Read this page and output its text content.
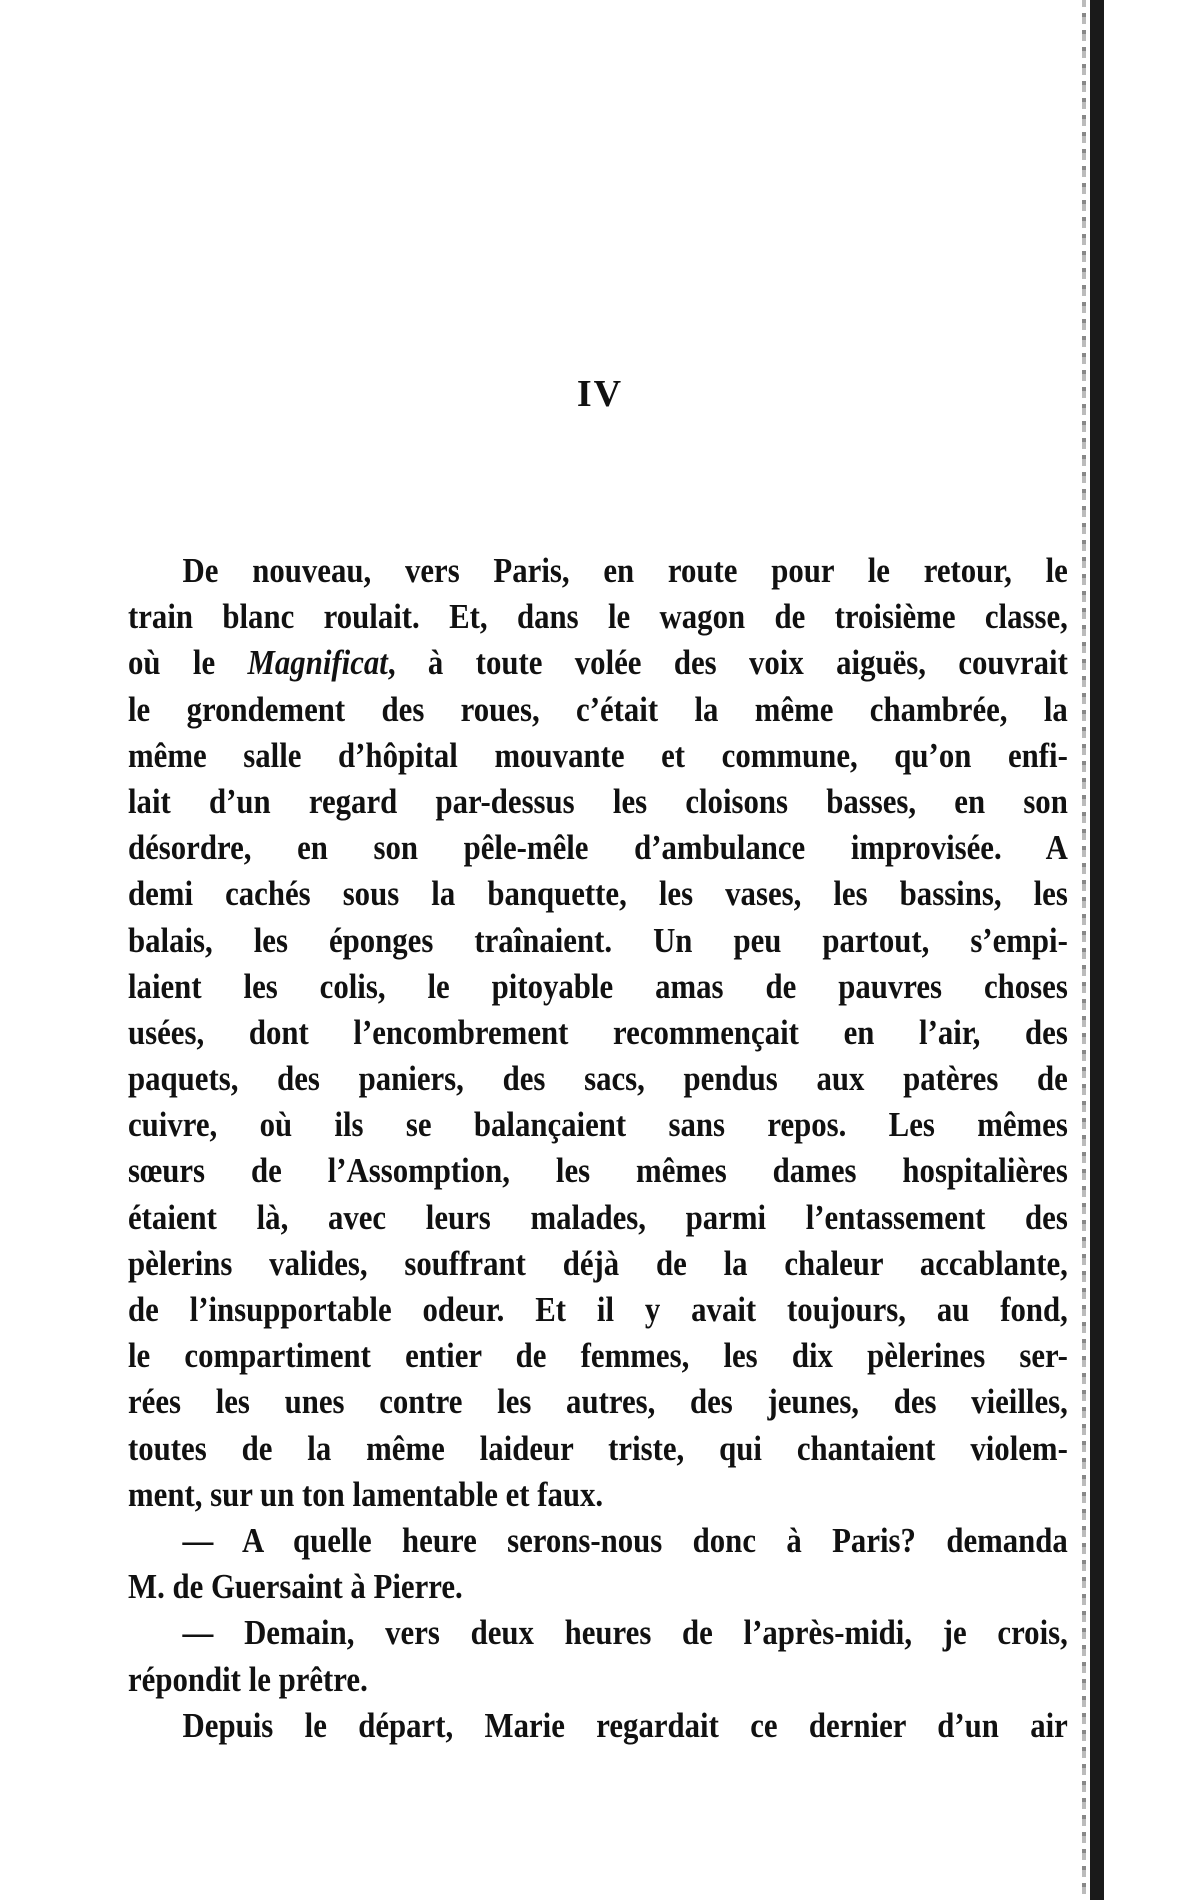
IV
De nouveau, vers Paris, en route pour le retour, le
train blanc roulait. Et, dans le wagon de troisième classe,
où le Magnificat, à toute volée des voix aiguës, couvrait
le grondement des roues, c’était la même chambrée, la
même salle d’hôpital mouvante et commune, qu’on enfi-
lait d’un regard par-dessus les cloisons basses, en son
désordre, en son pêle-mêle d’ambulance improvisée. A
demi cachés sous la banquette, les vases, les bassins, les
balais, les éponges traînaient. Un peu partout, s’empi-
laient les colis, le pitoyable amas de pauvres choses
usées, dont l’encombrement recommençait en l’air, des
paquets, des paniers, des sacs, pendus aux patères de
cuivre, où ils se balançaient sans repos. Les mêmes
sœurs de l’Assomption, les mêmes dames hospitalières
étaient là, avec leurs malades, parmi l’entassement des
pèlerins valides, souffrant déjà de la chaleur accablante,
de l’insupportable odeur. Et il y avait toujours, au fond,
le compartiment entier de femmes, les dix pèlerines ser-
rées les unes contre les autres, des jeunes, des vieilles,
toutes de la même laideur triste, qui chantaient violem-
ment, sur un ton lamentable et faux.
— A quelle heure serons-nous donc à Paris? demanda
M. de Guersaint à Pierre.
— Demain, vers deux heures de l’après-midi, je crois,
répondit le prêtre.
Depuis le départ, Marie regardait ce dernier d’un air
